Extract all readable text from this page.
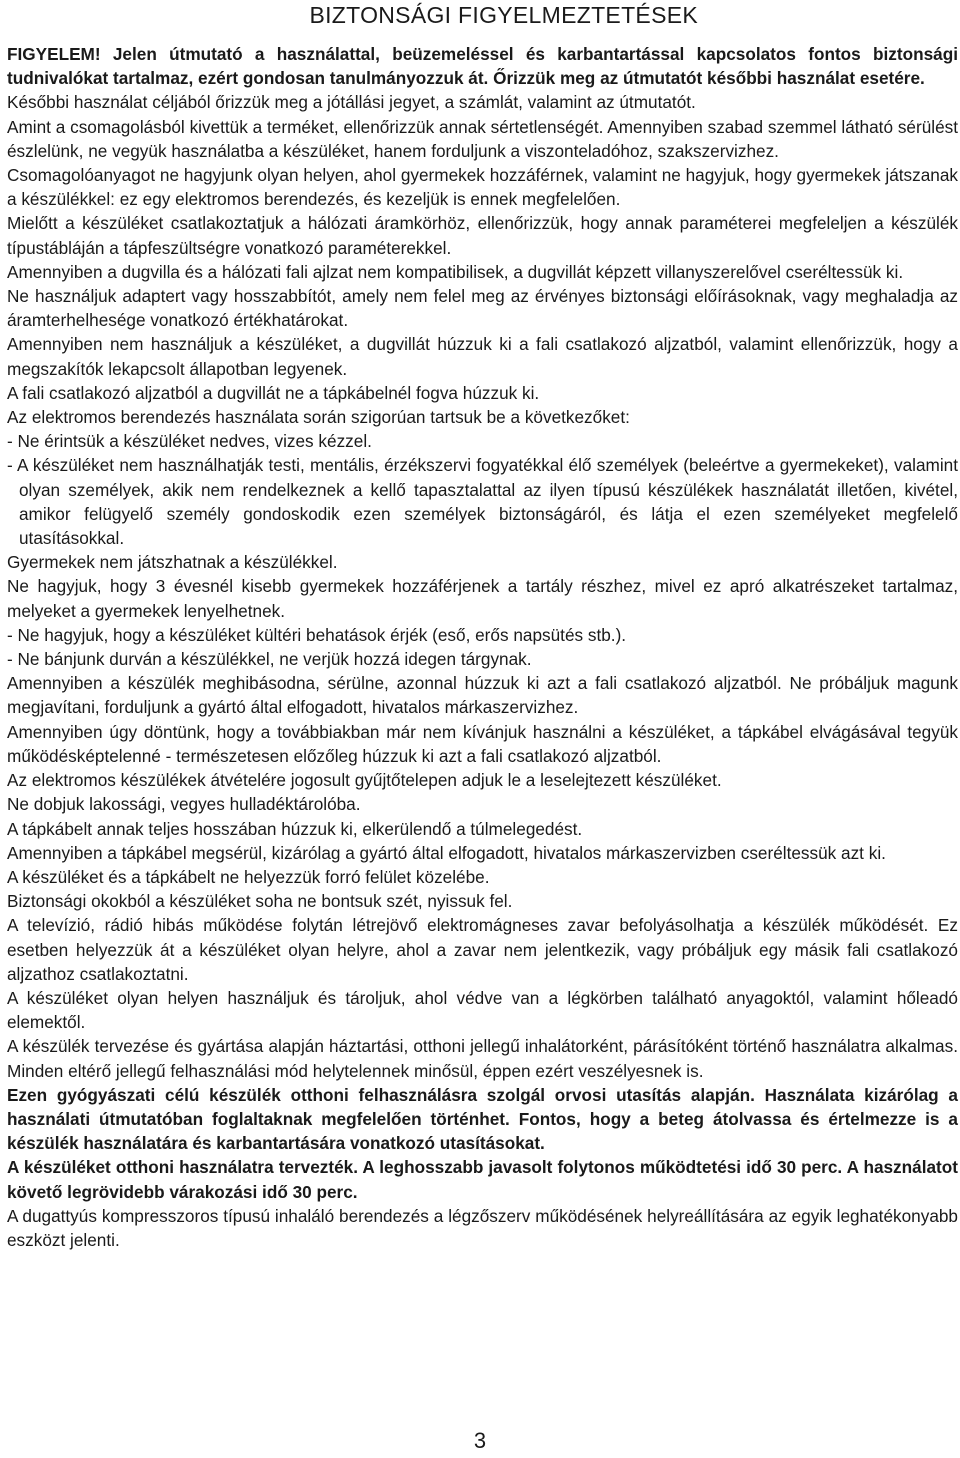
BIZTONSÁGI FIGYELMEZTETÉSEK

FIGYELEM! Jelen útmutató a használattal, beüzemeléssel és karbantartással kapcsolatos fontos biztonsági tudnivalókat tartalmaz, ezért gondosan tanulmányozzuk át. Őrizzük meg az útmutatót későbbi használat esetére.

Későbbi használat céljából őrizzük meg a jótállási jegyet, a számlát, valamint az útmutatót.

Amint a csomagolásból kivettük a terméket, ellenőrizzük annak sértetlenségét. Amennyiben szabad szemmel látható sérülést észlelünk, ne vegyük használatba a készüléket, hanem forduljunk a viszonteladóhoz, szakszervizhez.

Csomagolóanyagot ne hagyjunk olyan helyen, ahol gyermekek hozzáférnek, valamint ne hagyjuk, hogy gyermekek játszanak a készülékkel: ez egy elektromos berendezés, és kezeljük is ennek megfelelően.

Mielőtt a készüléket csatlakoztatjuk a hálózati áramkörhöz, ellenőrizzük, hogy annak paraméterei megfeleljen a készülék típustábláján a tápfeszültségre vonatkozó paraméterekkel.

Amennyiben a dugvilla és a hálózati fali ajlzat nem kompatibilisek, a dugvillát képzett villanyszerelővel cseréltessük ki.

Ne használjuk adaptert vagy hosszabbítót, amely nem felel meg az érvényes biztonsági előírásoknak, vagy meghaladja az áramterhelhesége vonatkozó értékhatárokat.

Amennyiben nem használjuk a készüléket, a dugvillát húzzuk ki a fali csatlakozó aljzatból, valamint ellenőrizzük, hogy a megszakítók lekapcsolt állapotban legyenek.

A fali csatlakozó aljzatból a dugvillát ne a tápkábelnél fogva húzzuk ki.

Az elektromos berendezés használata során szigorúan tartsuk be a következőket:

- Ne érintsük a készüléket nedves, vizes kézzel.

- A készüléket nem használhatják testi, mentális, érzékszervi fogyatékkal élő személyek (beleértve a gyermekeket), valamint olyan személyek, akik nem rendelkeznek a kellő tapasztalattal az ilyen típusú készülékek használatát illetően, kivétel, amikor felügyelő személy gondoskodik ezen személyek biztonságáról, és látja el ezen személyeket megfelelő utasításokkal.

Gyermekek nem játszhatnak a készülékkel.

Ne hagyjuk, hogy 3 évesnél kisebb gyermekek hozzáférjenek a tartály részhez, mivel ez apró alkatrészeket tartalmaz, melyeket a gyermekek lenyelhetnek.

- Ne hagyjuk, hogy a készüléket kültéri behatások érjék (eső, erős napsütés stb.).

- Ne bánjunk durván a készülékkel, ne verjük hozzá idegen tárgynak.

Amennyiben a készülék meghibásodna, sérülne, azonnal húzzuk ki azt a fali csatlakozó aljzatból. Ne próbáljuk magunk megjavítani, forduljunk a gyártó által elfogadott, hivatalos márkaszervizhez.

Amennyiben úgy döntünk, hogy a továbbiakban már nem kívánjuk használni a készüléket, a tápkábel elvágásával tegyük működésképtelenné - természetesen előzőleg húzzuk ki azt a fali csatlakozó aljzatból.

Az elektromos készülékek átvételére jogosult gyűjtőtelepen adjuk le a leselejtezett készüléket.

Ne dobjuk lakossági, vegyes hulladéktárolóba.

A tápkábelt annak teljes hosszában húzzuk ki, elkerülendő a túlmelegedést.

Amennyiben a tápkábel megsérül, kizárólag a gyártó által elfogadott, hivatalos márkaszervizben cseréltessük azt ki.

A készüléket és a tápkábelt ne helyezzük forró felület közelébe.

Biztonsági okokból a készüléket soha ne bontsuk szét, nyissuk fel.

A televízió, rádió hibás működése folytán létrejövő elektromágneses zavar befolyásolhatja a készülék működését. Ez esetben helyezzük át a készüléket olyan helyre, ahol a zavar nem jelentkezik, vagy próbáljuk egy másik fali csatlakozó aljzathoz csatlakoztatni.

A készüléket olyan helyen használjuk és tároljuk, ahol védve van a légkörben található anyagoktól, valamint hőleadó elemektől.

A készülék tervezése és gyártása alapján háztartási, otthoni jellegű inhalátorként, párásítóként történő használatra alkalmas. Minden eltérő jellegű felhasználási mód helytelennek minősül, éppen ezért veszélyesnek is.

Ezen gyógyászati célú készülék otthoni felhasználásra szolgál orvosi utasítás alapján. Használata kizárólag a használati útmutatóban foglaltaknak megfelelően történhet. Fontos, hogy a beteg átolvassa és értelmezze is a készülék használatára és karbantartására vonatkozó utasításokat.

A készüléket otthoni használatra tervezték. A leghosszabb javasolt folytonos működtetési idő 30 perc. A használatot követő legrövidebb várakozási idő 30 perc.

A dugattyús kompresszoros típusú inhaláló berendezés a légzőszerv működésének helyreállítására az egyik leghatékonyabb eszközt jelenti.

3
